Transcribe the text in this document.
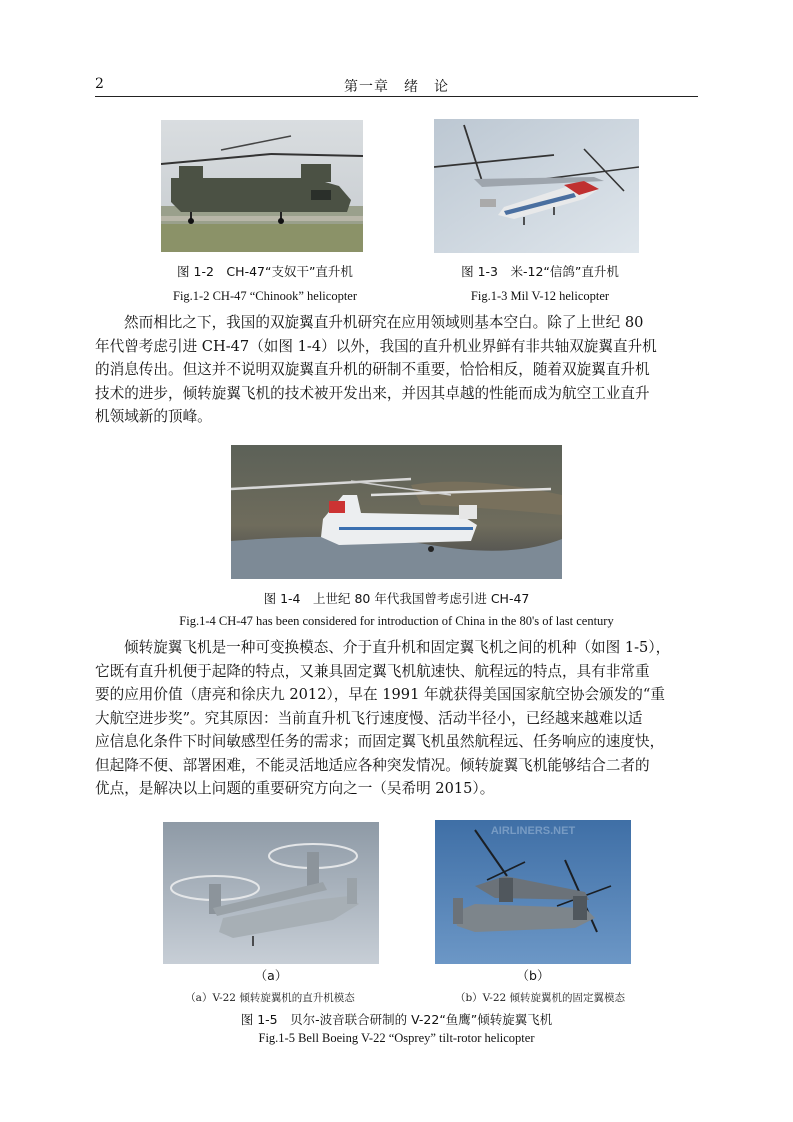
2	第一章　绪　论
图 1-2　CH-47“支奴干”直升机	图 1-3　米-12“信鸽”直升机
Fig.1-2 CH-47 “Chinook” helicopter	Fig.1-3 Mil V-12 helicopter

然而相比之下，我国的双旋翼直升机研究在应用领域则基本空白。除了上世纪 80

年代曾考虑引进 CH-47（如图 1-4）以外，我国的直升机业界鲜有非共轴双旋翼直升机

的消息传出。但这并不说明双旋翼直升机的研制不重要，恰恰相反，随着双旋翼直升机

技术的进步，倾转旋翼飞机的技术被开发出来，并因其卓越的性能而成为航空工业直升

机领域新的顶峰。

图 1-4　上世纪 80 年代我国曾考虑引进 CH-47
Fig.1-4 CH-47 has been considered for introduction of China in the 80's of last century

倾转旋翼飞机是一种可变换模态、介于直升机和固定翼飞机之间的机种（如图 1-5），

它既有直升机便于起降的特点，又兼具固定翼飞机航速快、航程远的特点，具有非常重

要的应用价值（唐亮和徐庆九 2012），早在 1991 年就获得美国国家航空协会颁发的“重

大航空进步奖”。究其原因：当前直升机飞行速度慢、活动半径小，已经越来越难以适

应信息化条件下时间敏感型任务的需求；而固定翼飞机虽然航程远、任务响应的速度快，

但起降不便、部署困难，不能灵活地适应各种突发情况。倾转旋翼飞机能够结合二者的

优点，是解决以上问题的重要研究方向之一（吴希明 2015）。

AIRLINERS.NET
（a）	（b）
（a）V-22 倾转旋翼机的直升机模态	（b）V-22 倾转旋翼机的固定翼模态
图 1-5　贝尔-波音联合研制的 V-22“鱼鹰”倾转旋翼飞机
Fig.1-5 Bell Boeing V-22 “Osprey” tilt-rotor helicopter
